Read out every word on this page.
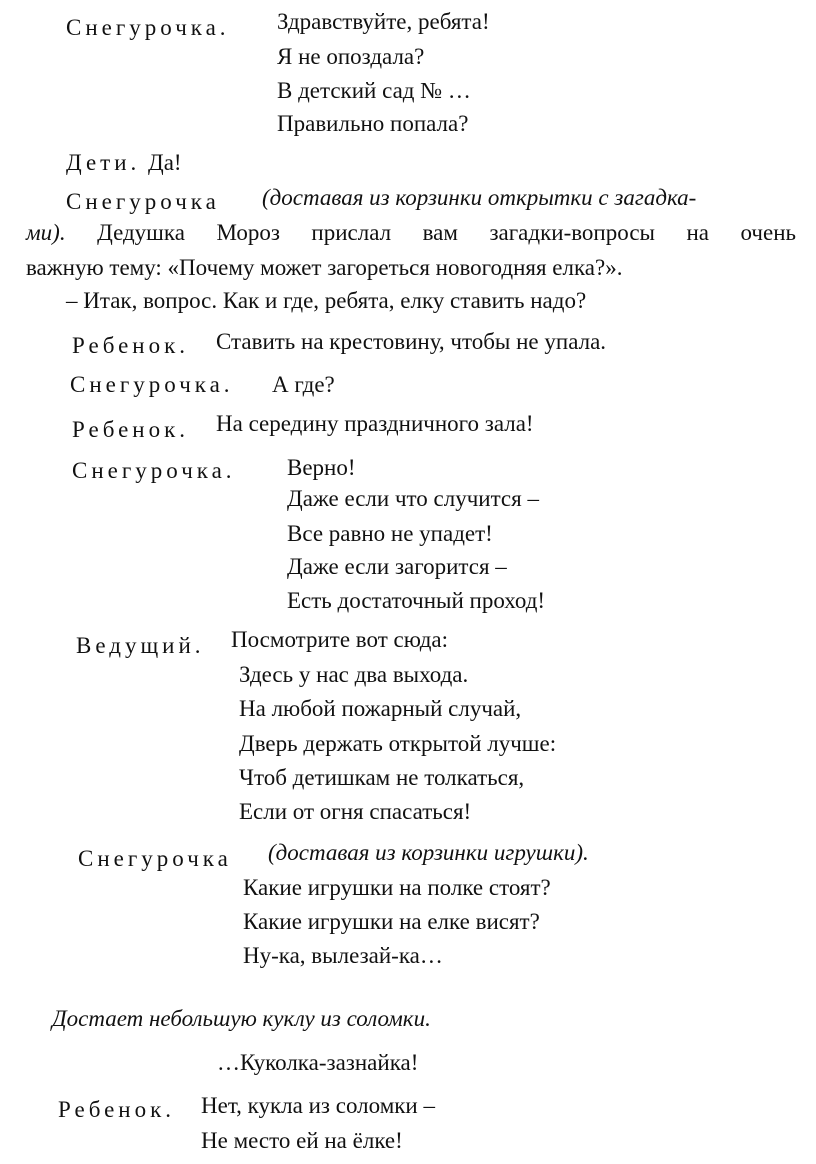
Снегурочка. Здравствуйте, ребята!
Я не опоздала?
В детский сад № …
Правильно попала?
Дети. Да!
Снегурочка (доставая из корзинки открытки с загадка-
ми). Дедушка Мороз прислал вам загадки-вопросы на очень
важную тему: «Почему может загореться новогодняя елка?».
– Итак, вопрос. Как и где, ребята, елку ставить надо?
Ребенок. Ставить на крестовину, чтобы не упала.
Снегурочка. А где?
Ребенок. На середину праздничного зала!
Снегурочка. Верно!
Даже если что случится –
Все равно не упадет!
Даже если загорится –
Есть достаточный проход!
Ведущий. Посмотрите вот сюда:
Здесь у нас два выхода.
На любой пожарный случай,
Дверь держать открытой лучше:
Чтоб детишкам не толкаться,
Если от огня спасаться!
Снегурочка (доставая из корзинки игрушки).
Какие игрушки на полке стоят?
Какие игрушки на елке висят?
Ну-ка, вылезай-ка…
Достает небольшую куклу из соломки.
…Куколка-зазнайка!
Ребенок. Нет, кукла из соломки –
Не место ей на ёлке!
